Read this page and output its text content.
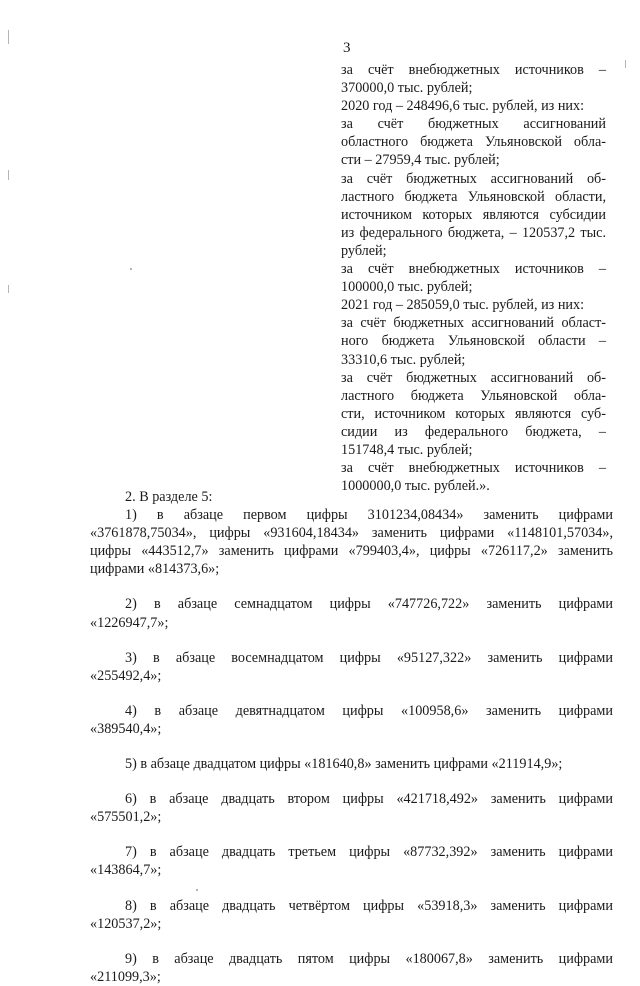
3
за счёт внебюджетных источников –
370000,0 тыс. рублей;
2020 год – 248496,6 тыс. рублей, из них:
за счёт бюджетных ассигнований
областного бюджета Ульяновской обла-
сти – 27959,4 тыс. рублей;
за счёт бюджетных ассигнований об-
ластного бюджета Ульяновской области,
источником которых являются субсидии
из федерального бюджета, – 120537,2 тыс.
рублей;
за счёт внебюджетных источников –
100000,0 тыс. рублей;
2021 год – 285059,0 тыс. рублей, из них:
за счёт бюджетных ассигнований област-
ного бюджета Ульяновской области –
33310,6 тыс. рублей;
за счёт бюджетных ассигнований об-
ластного бюджета Ульяновской обла-
сти, источником которых являются суб-
сидии из федерального бюджета, –
151748,4 тыс. рублей;
за счёт внебюджетных источников –
1000000,0 тыс. рублей.».
2. В разделе 5:
1) в абзаце первом цифры 3101234,08434» заменить цифрами
«3761878,75034», цифры «931604,18434» заменить цифрами «1148101,57034»,
цифры «443512,7» заменить цифрами «799403,4», цифры «726117,2» заменить
цифрами «814373,6»;
2) в абзаце семнадцатом цифры «747726,722» заменить цифрами
«1226947,7»;
3) в абзаце восемнадцатом цифры «95127,322» заменить цифрами
«255492,4»;
4) в абзаце девятнадцатом цифры «100958,6» заменить цифрами
«389540,4»;
5) в абзаце двадцатом цифры «181640,8» заменить цифрами «211914,9»;
6) в абзаце двадцать втором цифры «421718,492» заменить цифрами
«575501,2»;
7) в абзаце двадцать третьем цифры «87732,392» заменить цифрами
«143864,7»;
8) в абзаце двадцать четвёртом цифры «53918,3» заменить цифрами
«120537,2»;
9) в абзаце двадцать пятом цифры «180067,8» заменить цифрами
«211099,3»;
